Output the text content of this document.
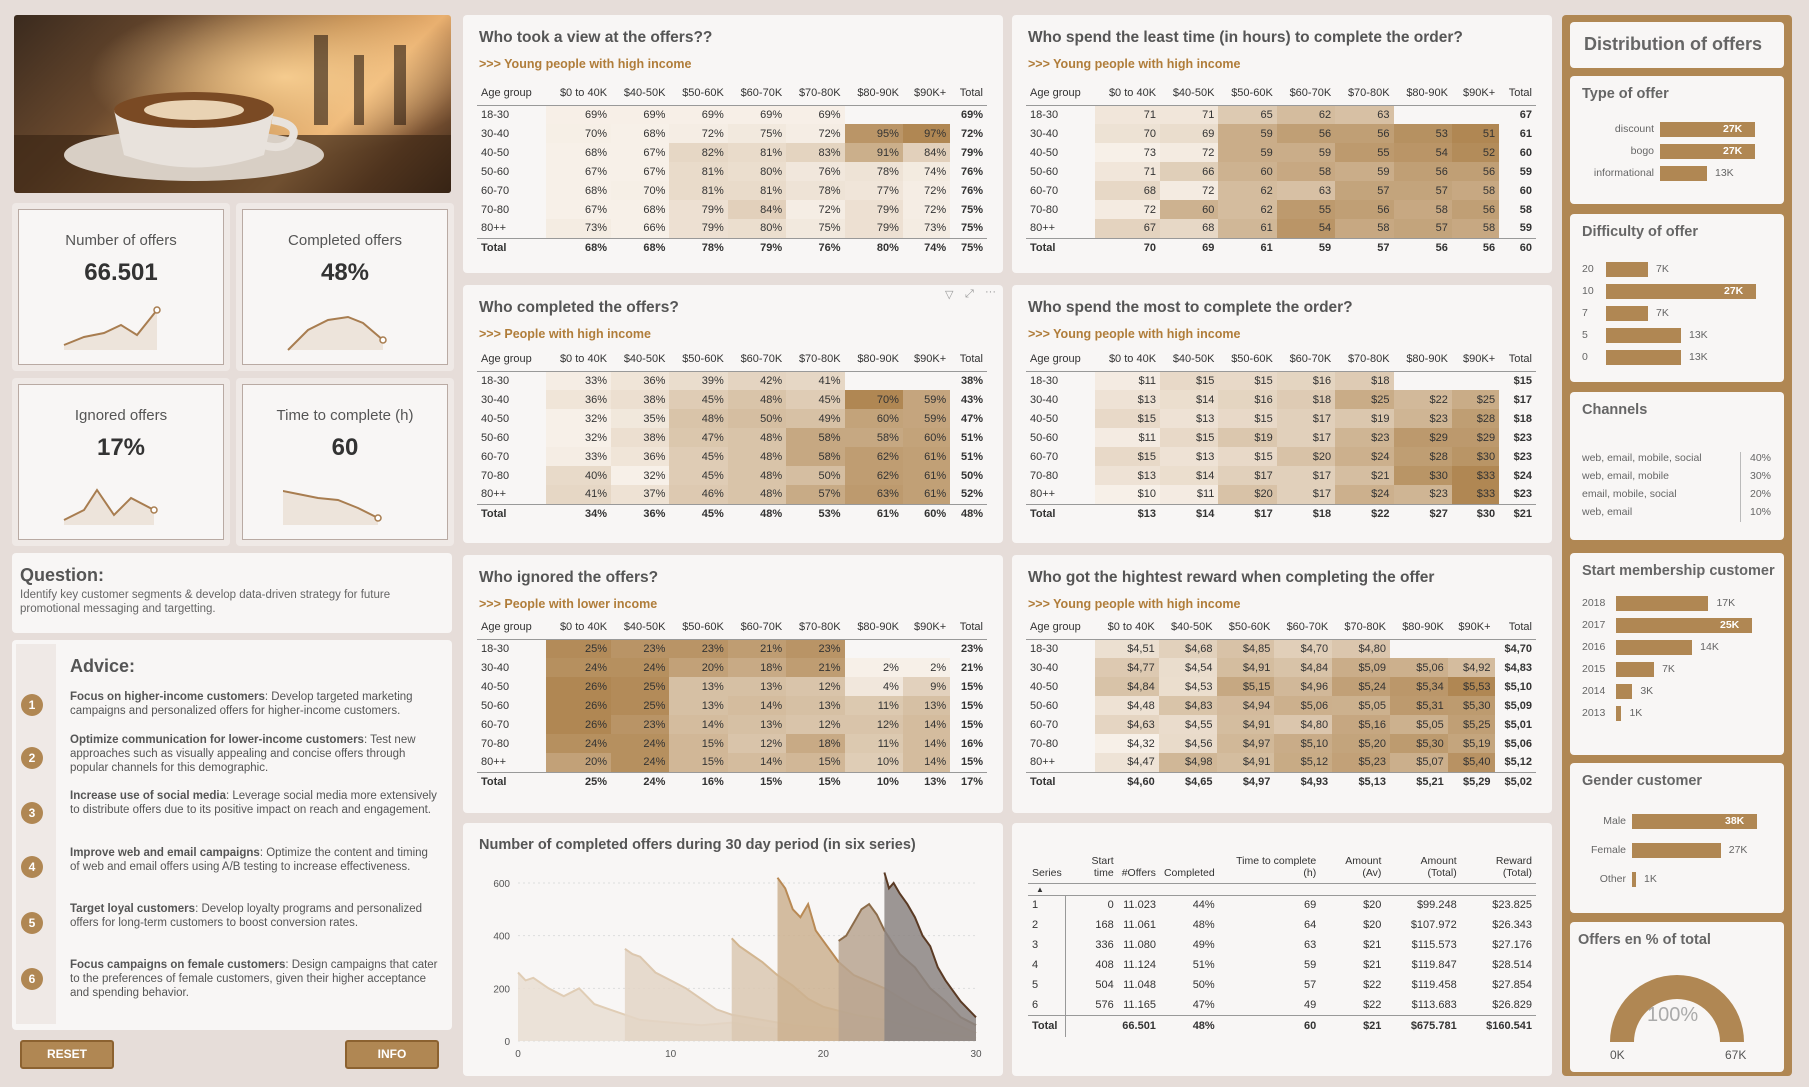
Number of offers
66.501
Completed offers
48%
Ignored offers
17%
Time to complete (h)
60
Question:
Identify key customer segments & develop data-driven strategy for future promotional messaging and targetting.
Advice:
1
Focus on higher-income customers: Develop targeted marketing campaigns and personalized offers for higher-income customers.
2
Optimize communication for lower-income customers: Test new approaches such as visually appealing and concise offers through popular channels for this demographic.
3
Increase use of social media: Leverage social media more extensively to distribute offers due to its positive impact on reach and engagement.
4
Improve web and email campaigns: Optimize the content and timing of web and email offers using A/B testing to increase effectiveness.
5
Target loyal customers: Develop loyalty programs and personalized offers for long-term customers to boost conversion rates.
6
Focus campaigns on female customers: Design campaigns that cater to the preferences of female customers, given their higher acceptance and spending behavior.
RESET	INFO
Who took a view at the offers??
>>> Young people with high income
Age group	$0 to 40K	$40-50K	$50-60K	$60-70K	$70-80K	$80-90K	$90K+	Total
18-30	69%	69%	69%	69%	69%			69%
30-40	70%	68%	72%	75%	72%	95%	97%	72%
40-50	68%	67%	82%	81%	83%	91%	84%	79%
50-60	67%	67%	81%	80%	76%	78%	74%	76%
60-70	68%	70%	81%	81%	78%	77%	72%	76%
70-80	67%	68%	79%	84%	72%	79%	72%	75%
80++	73%	66%	79%	80%	75%	79%	73%	75%
Total	68%	68%	78%	79%	76%	80%	74%	75%
Who spend the least time (in hours) to complete the order?
>>> Young people with high income
Age group	$0 to 40K	$40-50K	$50-60K	$60-70K	$70-80K	$80-90K	$90K+	Total
18-30	71	71	65	62	63			67
30-40	70	69	59	56	56	53	51	61
40-50	73	72	59	59	55	54	52	60
50-60	71	66	60	58	59	56	56	59
60-70	68	72	62	63	57	57	58	60
70-80	72	60	62	55	56	58	56	58
80++	67	68	61	54	58	57	58	59
Total	70	69	61	59	57	56	56	60
Who completed the offers?
>>> People with high income
Age group	$0 to 40K	$40-50K	$50-60K	$60-70K	$70-80K	$80-90K	$90K+	Total
18-30	33%	36%	39%	42%	41%			38%
30-40	36%	38%	45%	48%	45%	70%	59%	43%
40-50	32%	35%	48%	50%	49%	60%	59%	47%
50-60	32%	38%	47%	48%	58%	58%	60%	51%
60-70	33%	36%	45%	48%	58%	62%	61%	51%
70-80	40%	32%	45%	48%	50%	62%	61%	50%
80++	41%	37%	46%	48%	57%	63%	61%	52%
Total	34%	36%	45%	48%	53%	61%	60%	48%
Who spend the most to complete the order?
>>> Young people with high income
Age group	$0 to 40K	$40-50K	$50-60K	$60-70K	$70-80K	$80-90K	$90K+	Total
18-30	$11	$15	$15	$16	$18			$15
30-40	$13	$14	$16	$18	$25	$22	$25	$17
40-50	$15	$13	$15	$17	$19	$23	$28	$18
50-60	$11	$15	$19	$17	$23	$29	$29	$23
60-70	$15	$13	$15	$20	$24	$28	$30	$23
70-80	$13	$14	$17	$17	$21	$30	$33	$24
80++	$10	$11	$20	$17	$24	$23	$33	$23
Total	$13	$14	$17	$18	$22	$27	$30	$21
Who ignored the offers?
>>> People with lower income
Age group	$0 to 40K	$40-50K	$50-60K	$60-70K	$70-80K	$80-90K	$90K+	Total
18-30	25%	23%	23%	21%	23%			23%
30-40	24%	24%	20%	18%	21%	2%	2%	21%
40-50	26%	25%	13%	13%	12%	4%	9%	15%
50-60	26%	25%	13%	14%	13%	11%	13%	15%
60-70	26%	23%	14%	13%	12%	12%	14%	15%
70-80	24%	24%	15%	12%	18%	11%	14%	16%
80++	20%	24%	15%	14%	15%	10%	14%	15%
Total	25%	24%	16%	15%	15%	10%	13%	17%
Who got the hightest reward when completing the offer
>>> Young people with high income
Age group	$0 to 40K	$40-50K	$50-60K	$60-70K	$70-80K	$80-90K	$90K+	Total
18-30	$4,51	$4,68	$4,85	$4,70	$4,80			$4,70
30-40	$4,77	$4,54	$4,91	$4,84	$5,09	$5,06	$4,92	$4,83
40-50	$4,84	$4,53	$5,15	$4,96	$5,24	$5,34	$5,53	$5,10
50-60	$4,48	$4,83	$4,94	$5,06	$5,05	$5,31	$5,30	$5,09
60-70	$4,63	$4,55	$4,91	$4,80	$5,16	$5,05	$5,25	$5,01
70-80	$4,32	$4,56	$4,97	$5,10	$5,20	$5,30	$5,19	$5,06
80++	$4,47	$4,98	$4,91	$5,12	$5,23	$5,07	$5,40	$5,12
Total	$4,60	$4,65	$4,97	$4,93	$5,13	$5,21	$5,29	$5,02
▽ ⤢ ···
Number of completed offers during 30 day period (in six series)
600
400
200
0
0	10	20	30
Series	Start time	#Offers	Completed	Time to complete (h)	Amount (Av)	Amount (Total)	Reward (Total)

▲							

1	0	11.023	44%	69	$20	$99.248	$23.825
2	168	11.061	48%	64	$20	$107.972	$26.343
3	336	11.080	49%	63	$21	$115.573	$27.176
4	408	11.124	51%	59	$21	$119.847	$28.514
5	504	11.048	50%	57	$22	$119.458	$27.854
6	576	11.165	47%	49	$22	$113.683	$26.829
Total		66.501	48%	60	$21	$675.781	$160.541
Distribution of offers
Type of offer
discount	27K
bogo	27K
informational	13K
Difficulty of offer
20	7K
10	27K
7	7K
5	13K
0	13K
Channels
web, email, mobile, social	40%
web, email, mobile	30%
email, mobile, social	20%
web, email	10%
Start membership customer
2018	17K
2017	25K
2016	14K
2015	7K
2014	3K
2013 1K
Gender customer
Male	38K
Female	27K
Other 1K
Offers en % of total
100%
0K	67K
